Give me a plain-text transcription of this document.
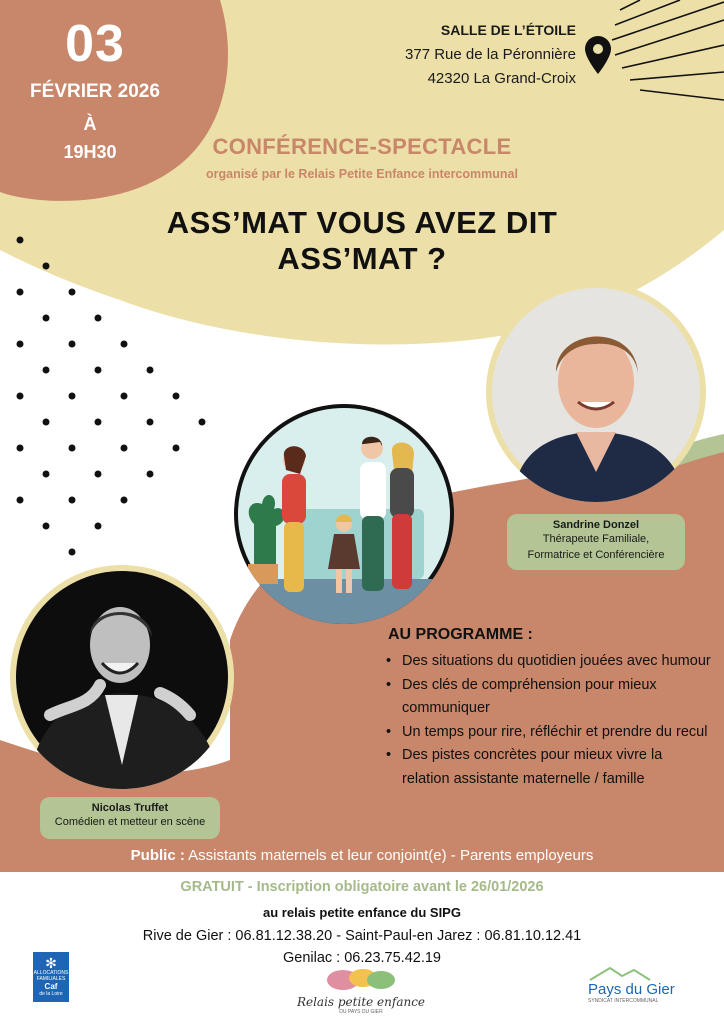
03
FÉVRIER 2026
À
19H30
SALLE DE L’ÉTOILE
377 Rue de la Péronnière
42320 La Grand-Croix
CONFÉRENCE-SPECTACLE
organisé par le Relais Petite Enfance intercommunal
ASS’MAT VOUS AVEZ DIT
ASS’MAT ?
Sandrine Donzel
Thérapeute Familiale,
Formatrice et Conférencière
Nicolas Truffet
Comédien et metteur en scène
AU PROGRAMME :
• Des situations du quotidien jouées avec humour
• Des clés de compréhension pour mieux communiquer
• Un temps pour rire, réfléchir et prendre du recul
• Des pistes concrètes pour mieux vivre la relation assistante maternelle / famille
Public : Assistants maternels et leur conjoint(e) - Parents employeurs
GRATUIT - Inscription obligatoire avant le 26/01/2026
au relais petite enfance du SIPG
Rive de Gier : 06.81.12.38.20 - Saint-Paul-en Jarez : 06.81.10.12.41
Genilac : 06.23.75.42.19
✻
ALLOCATIONS
FAMILIALES
Caf
de la Loire
Relais petite enfance
DU PAYS DU GIER
Pays du Gier
SYNDICAT INTERCOMMUNAL
